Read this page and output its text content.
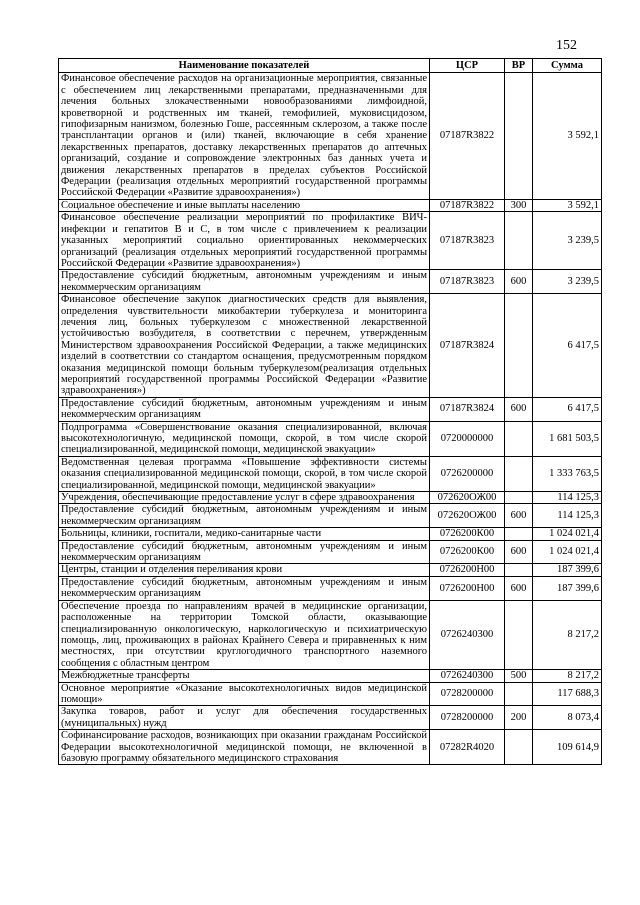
152
Наименование показателей	ЦСР	ВР	Сумма
Финансовое обеспечение расходов на организационные мероприятия, связанные с обеспечением лиц лекарственными препаратами, предназначенными для лечения больных злокачественными новообразованиями лимфоидной, кроветворной и родственных им тканей, гемофилией, муковисцидозом, гипофизарным нанизмом, болезнью Гоше, рассеянным склерозом, а также после трансплантации органов и (или) тканей, включающие в себя хранение лекарственных препаратов, доставку лекарственных препаратов до аптечных организаций, создание и сопровождение электронных баз данных учета и движения лекарственных препаратов в пределах субъектов Российской Федерации (реализация отдельных мероприятий государственной программы Российской Федерации «Развитие здравоохранения»)	07187R3822		3 592,1
Социальное обеспечение и иные выплаты населению	07187R3822	300	3 592,1
Финансовое обеспечение реализации мероприятий по профилактике ВИЧ-инфекции и гепатитов В и С, в том числе с привлечением к реализации указанных мероприятий социально ориентированных некоммерческих организаций (реализация отдельных мероприятий государственной программы Российской Федерации «Развитие здравоохранения»)	07187R3823		3 239,5
Предоставление субсидий бюджетным, автономным учреждениям и иным некоммерческим организациям	07187R3823	600	3 239,5
Финансовое обеспечение закупок диагностических средств для выявления, определения чувствительности микобактерии туберкулеза и мониторинга лечения лиц, больных туберкулезом с множественной лекарственной устойчивостью возбудителя, в соответствии с перечнем, утвержденным Министерством здравоохранения Российской Федерации, а также медицинских изделий в соответствии со стандартом оснащения, предусмотренным порядком оказания медицинской помощи больным туберкулезом(реализация отдельных мероприятий государственной программы Российской Федерации «Развитие здравоохранения»)	07187R3824		6 417,5
Предоставление субсидий бюджетным, автономным учреждениям и иным некоммерческим организациям	07187R3824	600	6 417,5
Подпрограмма «Совершенствование оказания специализированной, включая высокотехнологичную, медицинской помощи, скорой, в том числе скорой специализированной, медицинской помощи, медицинской эвакуации»	0720000000		1 681 503,5
Ведомственная целевая программа «Повышение эффективности системы оказания специализированной медицинской помощи, скорой, в том числе скорой специализированной, медицинской помощи, медицинской эвакуации»	0726200000		1 333 763,5
Учреждения, обеспечивающие предоставление услуг в сфере здравоохранения	072620ОЖ00		114 125,3
Предоставление субсидий бюджетным, автономным учреждениям и иным некоммерческим организациям	072620ОЖ00	600	114 125,3
Больницы, клиники, госпитали, медико-санитарные части	0726200К00		1 024 021,4
Предоставление субсидий бюджетным, автономным учреждениям и иным некоммерческим организациям	0726200К00	600	1 024 021,4
Центры, станции и отделения переливания крови	0726200Н00		187 399,6
Предоставление субсидий бюджетным, автономным учреждениям и иным некоммерческим организациям	0726200Н00	600	187 399,6
Обеспечение проезда по направлениям врачей в медицинские организации, расположенные на территории Томской области, оказывающие специализированную онкологическую, наркологическую и психиатрическую помощь, лиц, проживающих в районах Крайнего Севера и приравненных к ним местностях, при отсутствии круглогодичного транспортного наземного сообщения с областным центром	0726240300		8 217,2
Межбюджетные трансферты	0726240300	500	8 217,2
Основное мероприятие «Оказание высокотехнологичных видов медицинской помощи»	0728200000		117 688,3
Закупка товаров, работ и услуг для обеспечения государственных (муниципальных) нужд	0728200000	200	8 073,4
Софинансирование расходов, возникающих при оказании гражданам Российской Федерации высокотехнологичной медицинской помощи, не включенной в базовую программу обязательного медицинского страхования	07282R4020		109 614,9
